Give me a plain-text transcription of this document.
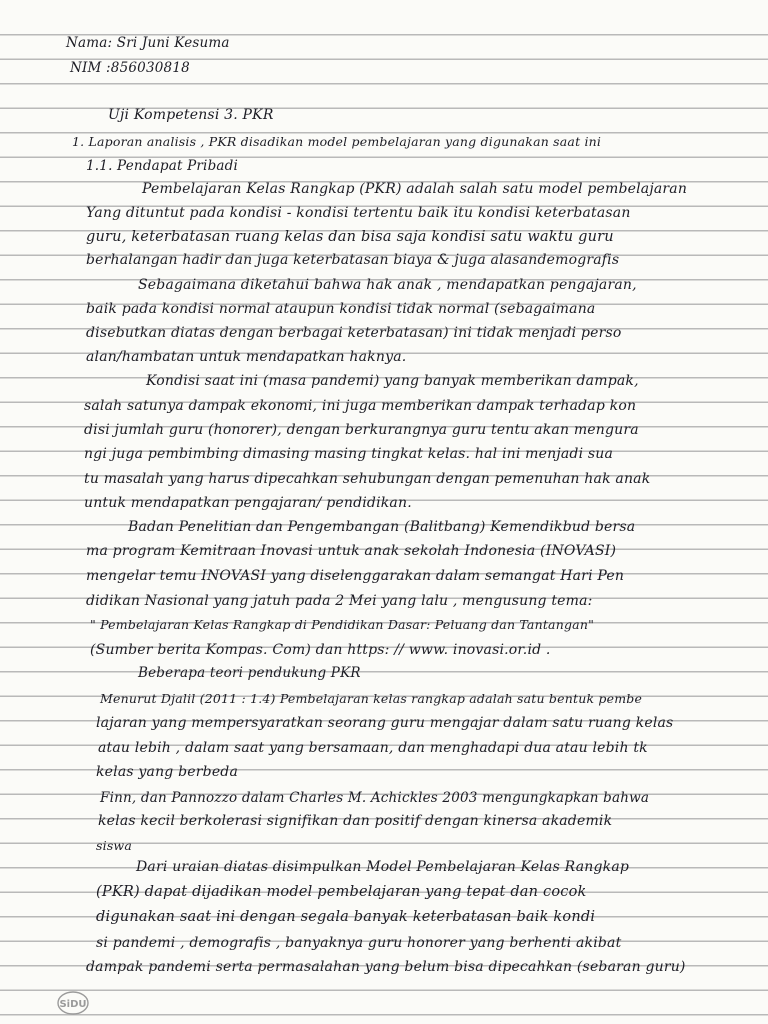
Nama: Sri Juni Kesuma
NIM :856030818
Uji Kompetensi 3. PKR
1. Laporan analisis , PKR disadikan model pembelajaran yang digunakan saat ini
1.1. Pendapat Pribadi
Pembelajaran Kelas Rangkap (PKR) adalah salah satu model pembelajaran
Yang dituntut pada kondisi - kondisi tertentu baik itu kondisi keterbatasan
guru, keterbatasan ruang kelas dan bisa saja kondisi satu waktu guru
berhalangan hadir dan juga keterbatasan biaya & juga alasandemografis
Sebagaimana diketahui bahwa hak anak , mendapatkan pengajaran,
baik pada kondisi normal ataupun kondisi tidak normal (sebagaimana
disebutkan diatas dengan berbagai keterbatasan) ini tidak menjadi perso
alan/hambatan untuk mendapatkan haknya.
Kondisi saat ini (masa pandemi) yang banyak memberikan dampak,
salah satunya dampak ekonomi, ini juga memberikan dampak terhadap kon
disi jumlah guru (honorer), dengan berkurangnya guru tentu akan mengura
ngi juga pembimbing dimasing masing tingkat kelas. hal ini menjadi sua
tu masalah yang harus dipecahkan sehubungan dengan pemenuhan hak anak
untuk mendapatkan pengajaran/ pendidikan.
Badan Penelitian dan Pengembangan (Balitbang) Kemendikbud bersa
ma program Kemitraan Inovasi untuk anak sekolah Indonesia (INOVASI)
mengelar temu INOVASI yang diselenggarakan dalam semangat Hari Pen
didikan Nasional yang jatuh pada 2 Mei yang lalu , mengusung tema:
" Pembelajaran Kelas Rangkap di Pendidikan Dasar: Peluang dan Tantangan"
(Sumber berita Kompas. Com) dan https: // www. inovasi.or.id .
Beberapa teori pendukung PKR
Menurut Djalil (2011 : 1.4) Pembelajaran kelas rangkap adalah satu bentuk pembe
lajaran yang mempersyaratkan seorang guru mengajar dalam satu ruang kelas
atau lebih , dalam saat yang bersamaan, dan menghadapi dua atau lebih tk
kelas yang berbeda
Finn, dan Pannozzo dalam Charles M. Achickles 2003 mengungkapkan bahwa
kelas kecil berkolerasi signifikan dan positif dengan kinersa akademik
siswa
Dari uraian diatas disimpulkan Model Pembelajaran Kelas Rangkap
(PKR) dapat dijadikan model pembelajaran yang tepat dan cocok
digunakan saat ini dengan segala banyak keterbatasan baik kondi
si pandemi , demografis , banyaknya guru honorer yang berhenti akibat
dampak pandemi serta permasalahan yang belum bisa dipecahkan (sebaran guru)
SiDU
